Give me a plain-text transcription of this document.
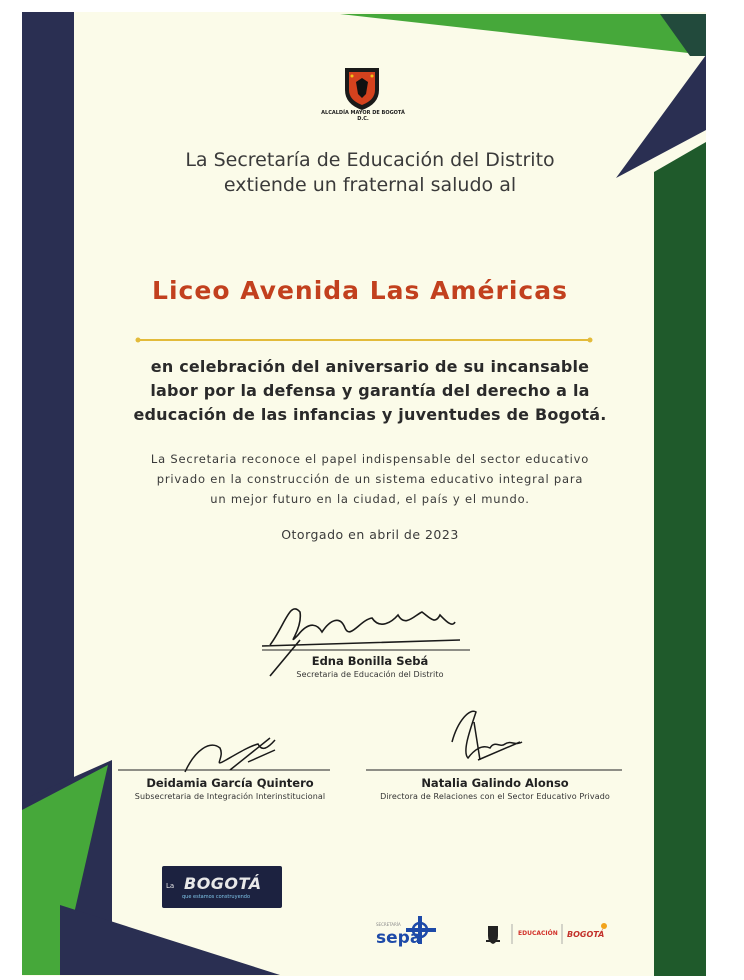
ALCALDÍA MAYOR DE BOGOTÁ D.C.
La Secretaría de Educación del Distrito
extiende un fraternal saludo al
Liceo Avenida Las Américas
en celebración del aniversario de su incansable
labor por la defensa y garantía del derecho a la
educación de las infancias y juventudes de Bogotá.
La Secretaria reconoce el papel indispensable del sector educativo
privado en la construcción de un sistema educativo integral para
un mejor futuro en la ciudad, el país y el mundo.
Otorgado en abril de 2023
Edna Bonilla Sebá
Secretaria de Educación del Distrito
Deidamia García Quintero
Subsecretaria de Integración Interinstitucional
Natalia Galindo Alonso
Directora de Relaciones con el Sector Educativo Privado
La BOGOTÁ
que estamos construyendo
SECRETARÍA
sepa	EDUCACIÓN BOGOTÁ
